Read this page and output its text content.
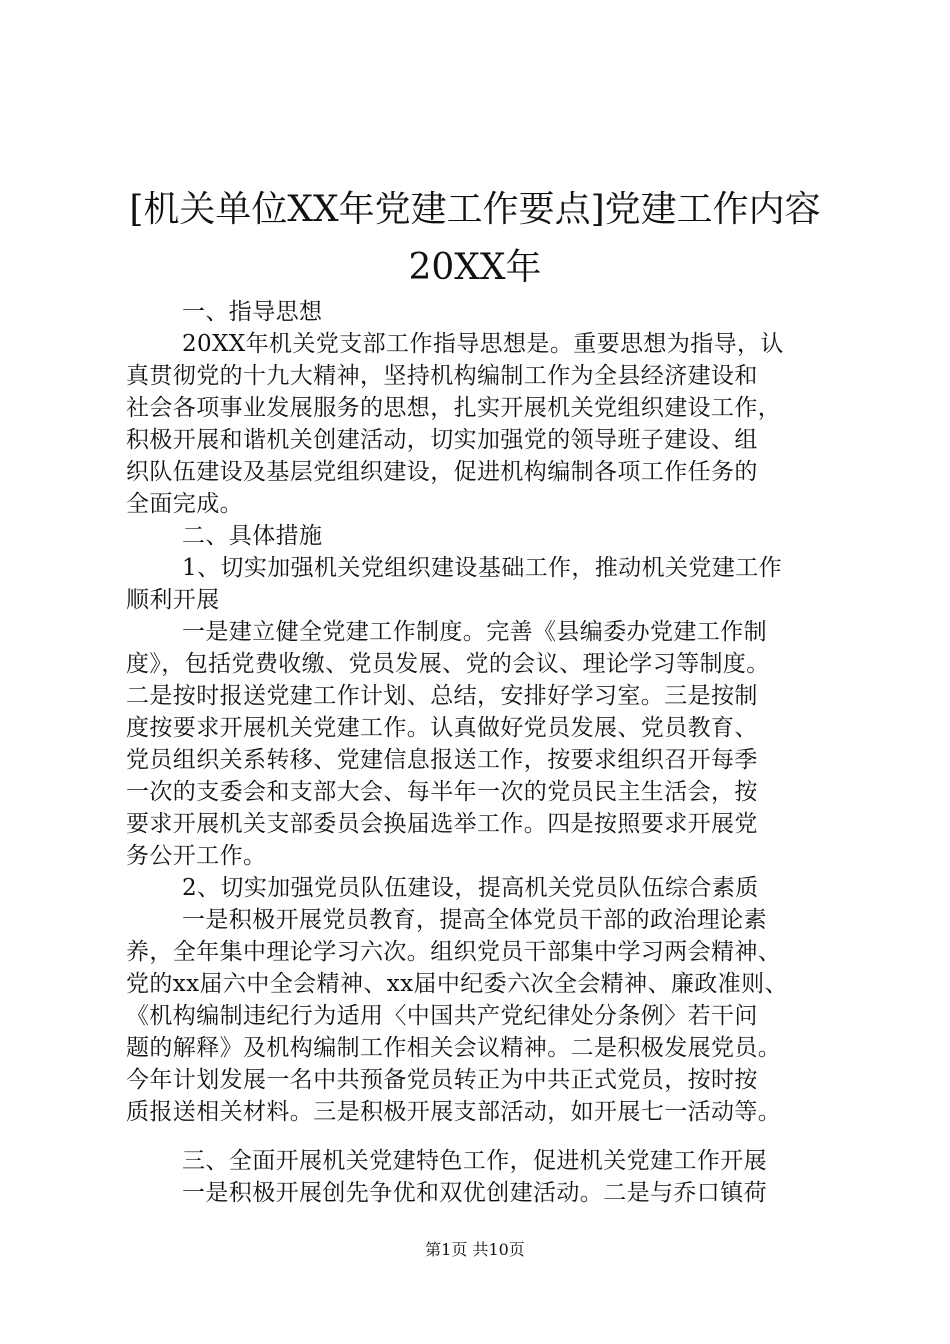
[机关单位XX年党建工作要点]党建工作内容
20XX年
一、指导思想
20XX年机关党支部工作指导思想是。重要思想为指导，认
真贯彻党的十九大精神，坚持机构编制工作为全县经济建设和
社会各项事业发展服务的思想，扎实开展机关党组织建设工作，
积极开展和谐机关创建活动，切实加强党的领导班子建设、组
织队伍建设及基层党组织建设，促进机构编制各项工作任务的
全面完成。
二、具体措施
1、切实加强机关党组织建设基础工作，推动机关党建工作
顺利开展
一是建立健全党建工作制度。完善《县编委办党建工作制
度》，包括党费收缴、党员发展、党的会议、理论学习等制度。
二是按时报送党建工作计划、总结，安排好学习室。三是按制
度按要求开展机关党建工作。认真做好党员发展、党员教育、
党员组织关系转移、党建信息报送工作，按要求组织召开每季
一次的支委会和支部大会、每半年一次的党员民主生活会，按
要求开展机关支部委员会换届选举工作。四是按照要求开展党
务公开工作。
2、切实加强党员队伍建设，提高机关党员队伍综合素质
一是积极开展党员教育，提高全体党员干部的政治理论素
养，全年集中理论学习六次。组织党员干部集中学习两会精神、
党的xx届六中全会精神、xx届中纪委六次全会精神、廉政准则、
《机构编制违纪行为适用〈中国共产党纪律处分条例〉若干问
题的解释》及机构编制工作相关会议精神。二是积极发展党员。
今年计划发展一名中共预备党员转正为中共正式党员，按时按
质报送相关材料。三是积极开展支部活动，如开展七一活动等。
三、全面开展机关党建特色工作，促进机关党建工作开展
一是积极开展创先争优和双优创建活动。二是与乔口镇荷
第1页 共10页
